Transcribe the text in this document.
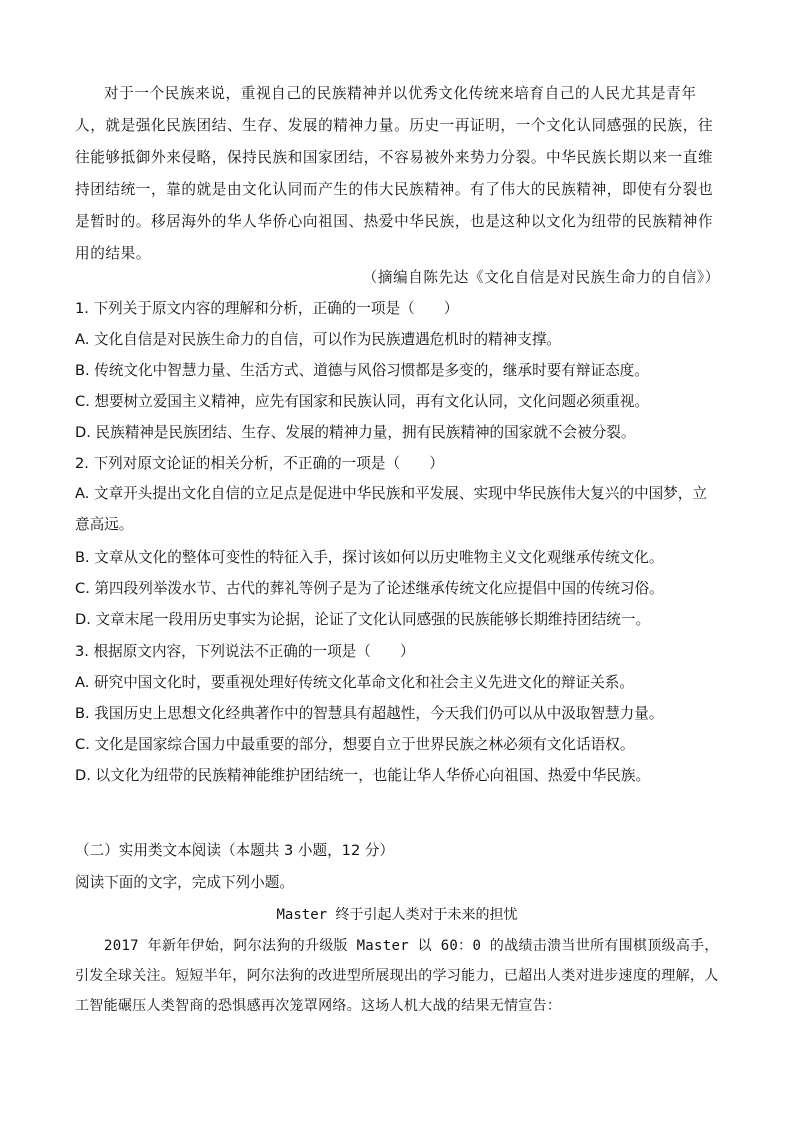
对于一个民族来说，重视自己的民族精神并以优秀文化传统来培育自己的人民尤其是青年人，就是强化民族团结、生存、发展的精神力量。历史一再证明，一个文化认同感强的民族，往往能够抵御外来侵略，保持民族和国家团结，不容易被外来势力分裂。中华民族长期以来一直维持团结统一，靠的就是由文化认同而产生的伟大民族精神。有了伟大的民族精神，即使有分裂也是暂时的。移居海外的华人华侨心向祖国、热爱中华民族，也是这种以文化为纽带的民族精神作用的结果。

（摘编自陈先达《文化自信是对民族生命力的自信》）
1. 下列关于原文内容的理解和分析，正确的一项是（　　）
A. 文化自信是对民族生命力的自信，可以作为民族遭遇危机时的精神支撑。
B. 传统文化中智慧力量、生活方式、道德与风俗习惯都是多变的，继承时要有辩证态度。
C. 想要树立爱国主义精神，应先有国家和民族认同，再有文化认同，文化问题必须重视。
D. 民族精神是民族团结、生存、发展的精神力量，拥有民族精神的国家就不会被分裂。
2. 下列对原文论证的相关分析，不正确的一项是（　　）

A. 文章开头提出文化自信的立足点是促进中华民族和平发展、实现中华民族伟大复兴的中国梦，立意高远。

B. 文章从文化的整体可变性的特征入手，探讨该如何以历史唯物主义文化观继承传统文化。
C. 第四段列举泼水节、古代的葬礼等例子是为了论述继承传统文化应提倡中国的传统习俗。
D. 文章末尾一段用历史事实为论据，论证了文化认同感强的民族能够长期维持团结统一。
3. 根据原文内容，下列说法不正确的一项是（　　）
A. 研究中国文化时，要重视处理好传统文化革命文化和社会主义先进文化的辩证关系。
B. 我国历史上思想文化经典著作中的智慧具有超越性，今天我们仍可以从中汲取智慧力量。
C. 文化是国家综合国力中最重要的部分，想要自立于世界民族之林必须有文化话语权。
D. 以文化为纽带的民族精神能维护团结统一，也能让华人华侨心向祖国、热爱中华民族。
（二）实用类文本阅读（本题共 3 小题，12 分）
阅读下面的文字，完成下列小题。
Master 终于引起人类对于未来的担忧

2017 年新年伊始，阿尔法狗的升级版 Master 以 60：0 的战绩击溃当世所有围棋顶级高手，引发全球关注。短短半年，阿尔法狗的改进型所展现出的学习能力，已超出人类对进步速度的理解，人工智能碾压人类智商的恐惧感再次笼罩网络。这场人机大战的结果无情宣告：
